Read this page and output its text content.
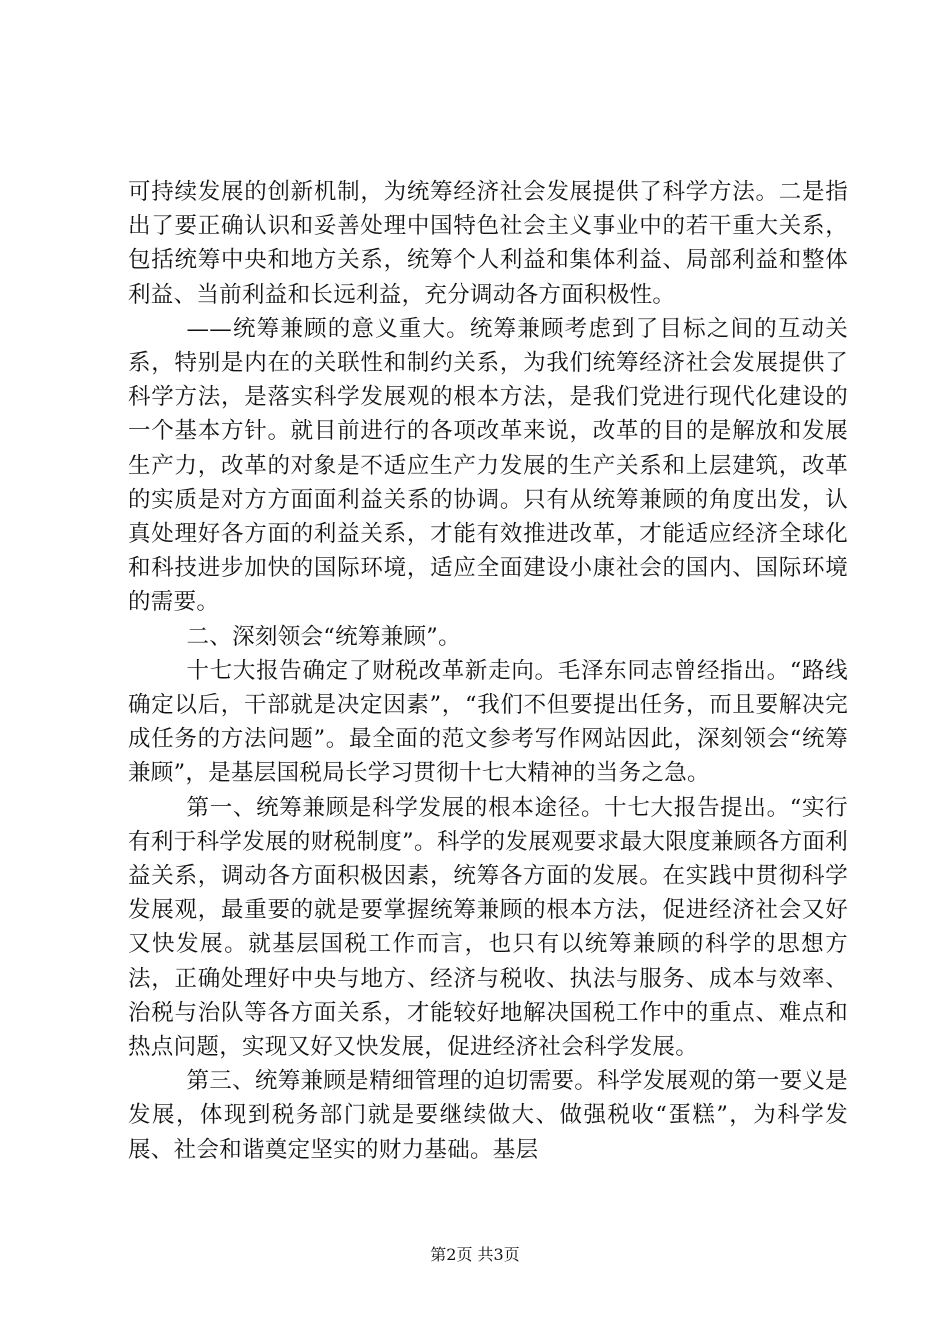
可持续发展的创新机制，为统筹经济社会发展提供了科学方法。二是指出了要正确认识和妥善处理中国特色社会主义事业中的若干重大关系，包括统筹中央和地方关系，统筹个人利益和集体利益、局部利益和整体利益、当前利益和长远利益，充分调动各方面积极性。

——统筹兼顾的意义重大。统筹兼顾考虑到了目标之间的互动关系，特别是内在的关联性和制约关系，为我们统筹经济社会发展提供了科学方法，是落实科学发展观的根本方法，是我们党进行现代化建设的一个基本方针。就目前进行的各项改革来说，改革的目的是解放和发展生产力，改革的对象是不适应生产力发展的生产关系和上层建筑，改革的实质是对方方面面利益关系的协调。只有从统筹兼顾的角度出发，认真处理好各方面的利益关系，才能有效推进改革，才能适应经济全球化和科技进步加快的国际环境，适应全面建设小康社会的国内、国际环境的需要。

二、深刻领会“统筹兼顾”。

十七大报告确定了财税改革新走向。毛泽东同志曾经指出。“路线确定以后，干部就是决定因素”，“我们不但要提出任务，而且要解决完成任务的方法问题”。最全面的范文参考写作网站因此，深刻领会“统筹兼顾”，是基层国税局长学习贯彻十七大精神的当务之急。

第一、统筹兼顾是科学发展的根本途径。十七大报告提出。“实行有利于科学发展的财税制度”。科学的发展观要求最大限度兼顾各方面利益关系，调动各方面积极因素，统筹各方面的发展。在实践中贯彻科学发展观，最重要的就是要掌握统筹兼顾的根本方法，促进经济社会又好又快发展。就基层国税工作而言，也只有以统筹兼顾的科学的思想方法，正确处理好中央与地方、经济与税收、执法与服务、成本与效率、治税与治队等各方面关系，才能较好地解决国税工作中的重点、难点和热点问题，实现又好又快发展，促进经济社会科学发展。

第三、统筹兼顾是精细管理的迫切需要。科学发展观的第一要义是发展，体现到税务部门就是要继续做大、做强税收“蛋糕”，为科学发展、社会和谐奠定坚实的财力基础。基层

第2页 共3页
